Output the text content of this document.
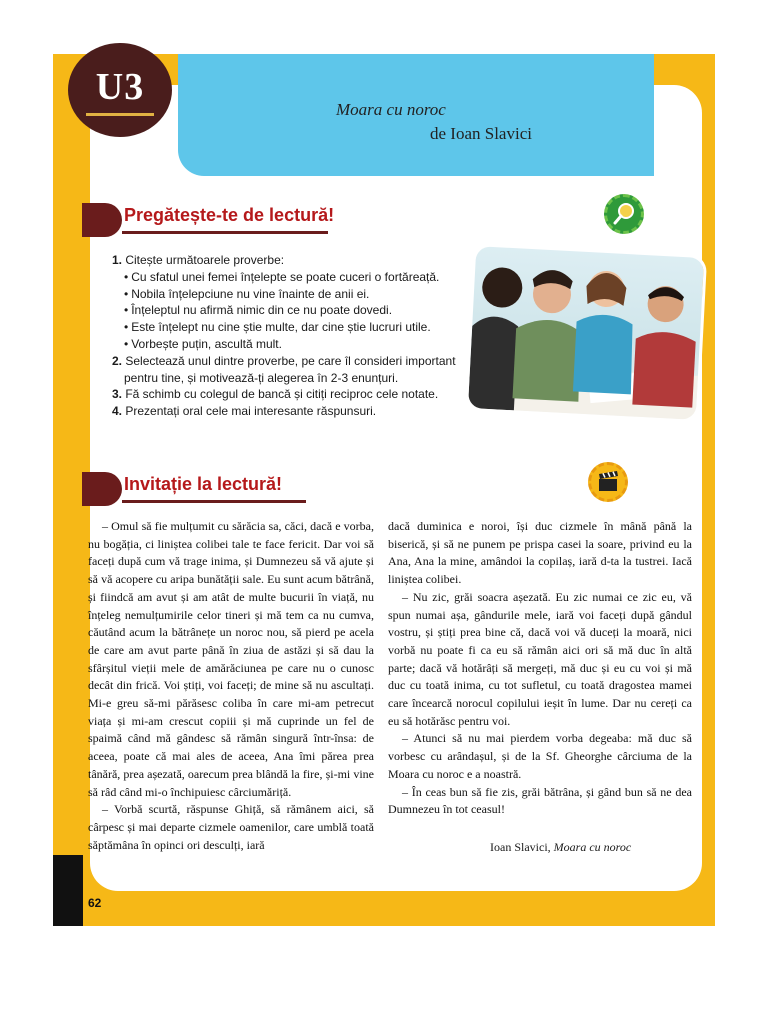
U3
Moara cu noroc
de Ioan Slavici
Pregătește-te de lectură!
1. Citește următoarele proverbe:
• Cu sfatul unei femei înțelepte se poate cuceri o fortăreață.
• Nobila înțelepciune nu vine înainte de anii ei.
• Înțeleptul nu afirmă nimic din ce nu poate dovedi.
• Este înțelept nu cine știe multe, dar cine știe lucruri utile.
• Vorbește puțin, ascultă mult.
2. Selectează unul dintre proverbe, pe care îl consideri important
pentru tine, și motivează-ți alegerea în 2-3 enunțuri.
3. Fă schimb cu colegul de bancă și citiți reciproc cele notate.
4. Prezentați oral cele mai interesante răspunsuri.
Invitație la lectură!

– Omul să fie mulțumit cu sărăcia sa, căci, dacă e vorba, nu bogăția, ci liniștea colibei tale te face fericit. Dar voi să faceți după cum vă trage inima, și Dumnezeu să vă ajute și să vă acopere cu aripa bunătății sale. Eu sunt acum bătrână, și fiindcă am avut și am atât de multe bucurii în viață, nu înțeleg nemulțumirile celor tineri și mă tem ca nu cumva, căutând acum la bătrânețe un noroc nou, să pierd pe acela de care am avut parte până în ziua de astăzi și să dau la sfârșitul vieții mele de amărăciunea pe care nu o cunosc decât din frică. Voi știți, voi faceți; de mine să nu ascultați. Mi-e greu să-mi părăsesc coliba în care mi-am petrecut viața și mi-am crescut copiii și mă cuprinde un fel de spaimă când mă gândesc să rămân singură într-însa: de aceea, poate că mai ales de aceea, Ana îmi părea prea tânără, prea așezată, oarecum prea blândă la fire, și-mi vine să râd când mi-o închipuiesc cârciumăriță.

– Vorbă scurtă, răspunse Ghiță, să rămânem aici, să cârpesc și mai departe cizmele oamenilor, care umblă toată săptămâna în opinci ori desculți, iară

dacă duminica e noroi, își duc cizmele în mână până la biserică, și să ne punem pe prispa casei la soare, privind eu la Ana, Ana la mine, amândoi la copilaș, iară d-ta la tustrei. Iacă liniștea colibei.

– Nu zic, grăi soacra așezată. Eu zic numai ce zic eu, vă spun numai așa, gândurile mele, iară voi faceți după gândul vostru, și știți prea bine că, dacă voi vă duceți la moară, nici vorbă nu poate fi ca eu să rămân aici ori să mă duc în altă parte; dacă vă hotărâți să mergeți, mă duc și eu cu voi și mă duc cu toată inima, cu tot sufletul, cu toată dragostea mamei care încearcă norocul copilului ieșit în lume. Dar nu cereți ca eu să hotărăsc pentru voi.

– Atunci să nu mai pierdem vorba degeaba: mă duc să vorbesc cu arândașul, și de la Sf. Gheorghe cârciuma de la Moara cu noroc e a noastră.

– În ceas bun să fie zis, grăi bătrâna, și gând bun să ne dea Dumnezeu în tot ceasul!

Ioan Slavici, Moara cu noroc
62
